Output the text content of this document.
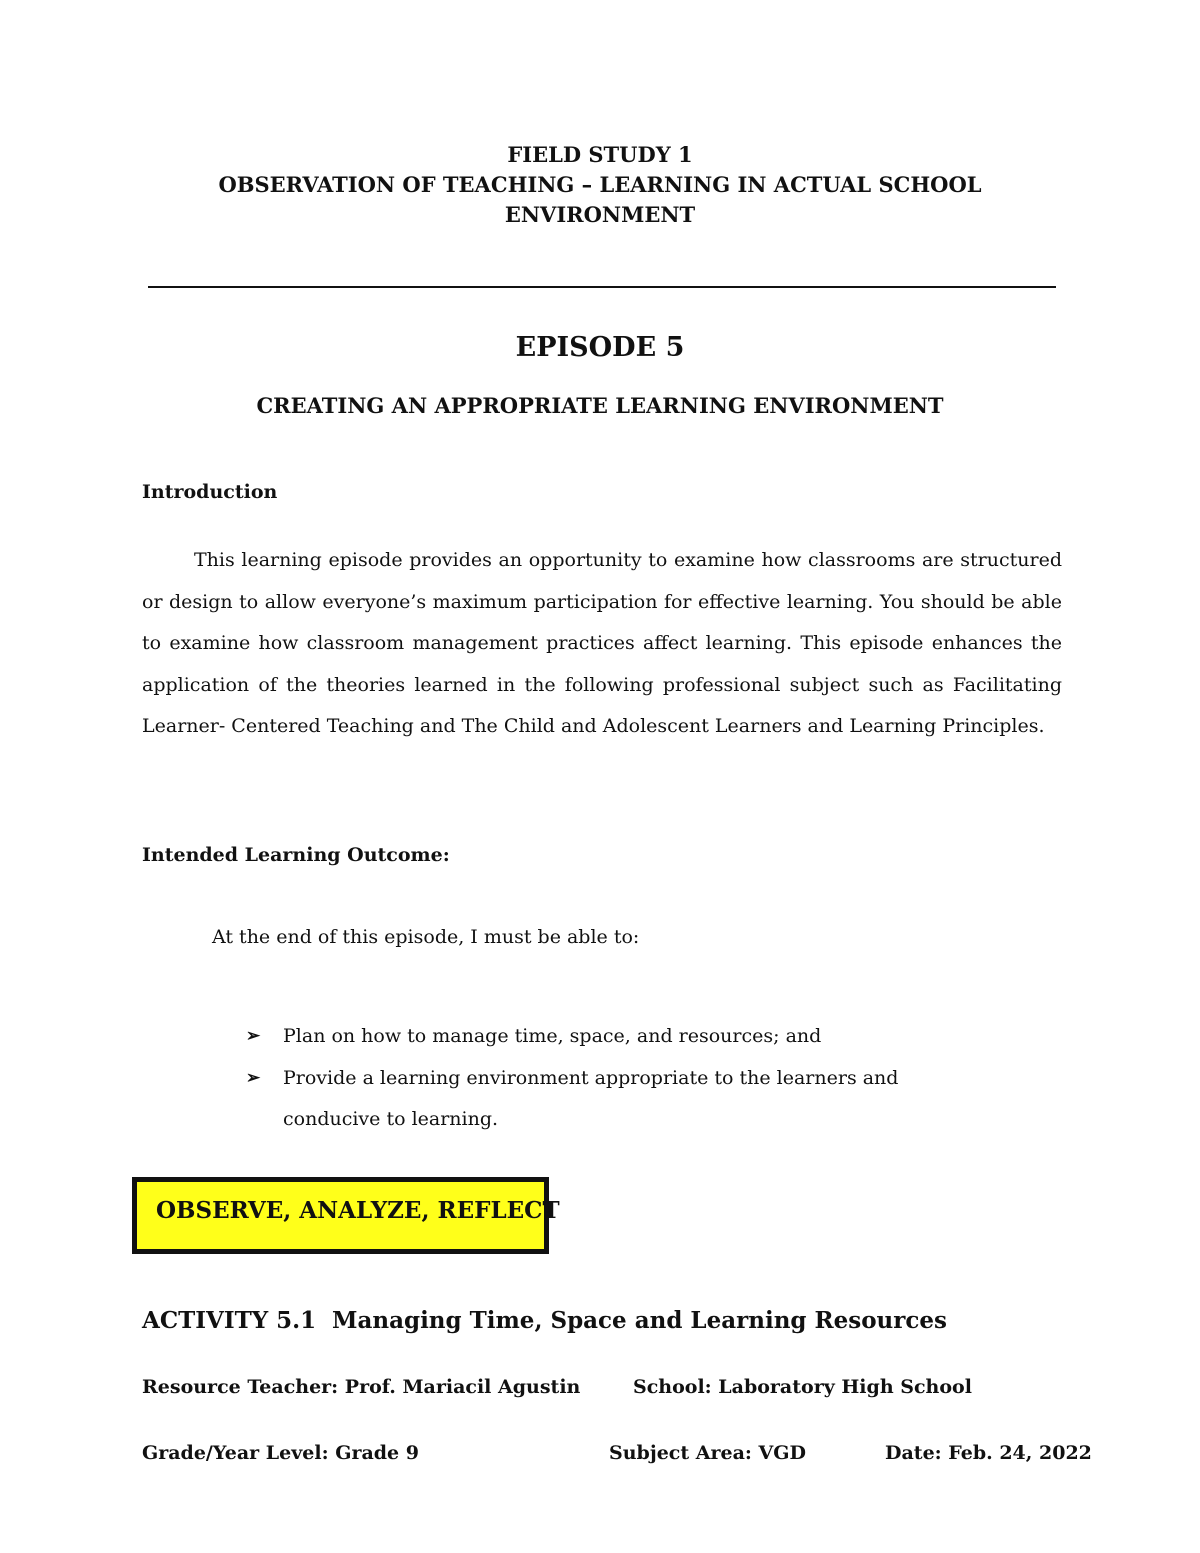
FIELD STUDY 1
OBSERVATION OF TEACHING – LEARNING IN ACTUAL SCHOOL
ENVIRONMENT
EPISODE 5
CREATING AN APPROPRIATE LEARNING ENVIRONMENT
Introduction

This learning episode provides an opportunity to examine how classrooms are structured or design to allow everyone’s maximum participation for effective learning. You should be able to examine how classroom management practices affect learning. This episode enhances the application of the theories learned in the following professional subject such as Facilitating Learner- Centered Teaching and The Child and Adolescent Learners and Learning Principles.

Intended Learning Outcome:
At the end of this episode, I must be able to:
➢ Plan on how to manage time, space, and resources; and
➢ Provide a learning environment appropriate to the learners and conducive to learning.
OBSERVE, ANALYZE, REFLECT
ACTIVITY 5.1 Managing Time, Space and Learning Resources
Resource Teacher: Prof. Mariacil Agustin	School: Laboratory High School
Grade/Year Level: Grade 9	Subject Area: VGD	Date: Feb. 24, 2022
